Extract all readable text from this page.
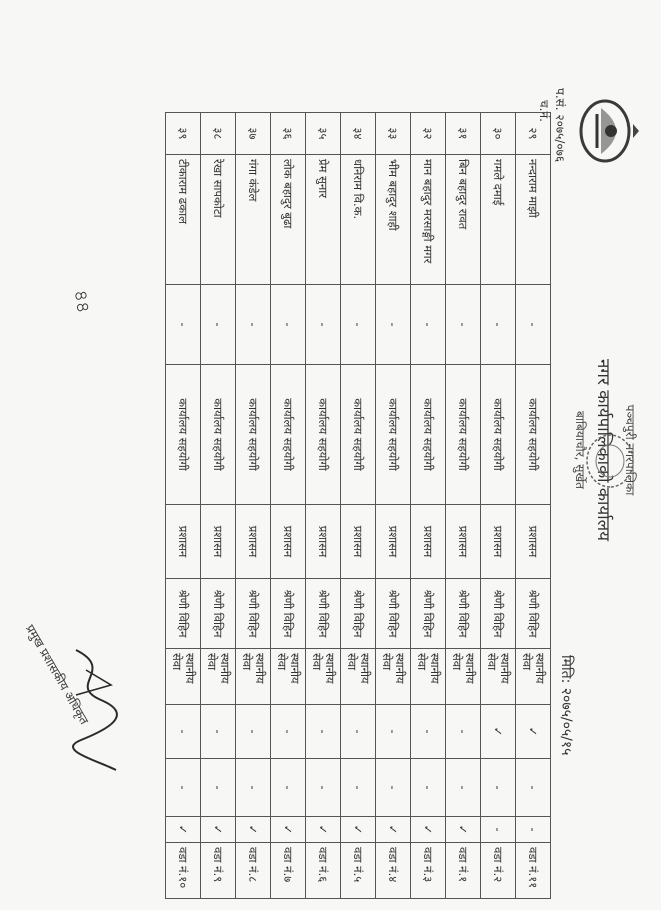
पञ्चपुरी नगरपालिका
नगर कार्यपालिकाको कार्यालय
बाबियाचौर, सुर्खेत
मिति: २०७५/०५/१५
प.सं. २०७५/०७६
च.नं.
२९	नन्दाराम माझी	-	कार्यालय सहयोगी	प्रशासन	श्रेणी विहिन	स्थानीय सेवा	✓	-	-	वडा नं.११
३०	गमले दमाई	-	कार्यालय सहयोगी	प्रशासन	श्रेणी विहिन	स्थानीय सेवा	✓	-	-	वडा नं.२
३१	बिन बहादुर रावत	-	कार्यालय सहयोगी	प्रशासन	श्रेणी विहिन	स्थानीय सेवा	-	-	✓	वडा नं.१
३२	मान बहादुर मरसाङ्गी मगर	-	कार्यालय सहयोगी	प्रशासन	श्रेणी विहिन	स्थानीय सेवा	-	-	✓	वडा नं.३
३३	भीम बहादुर शाही	-	कार्यालय सहयोगी	प्रशासन	श्रेणी विहिन	स्थानीय सेवा	-	-	✓	वडा नं.४
३४	धनिराम वि.क.	-	कार्यालय सहयोगी	प्रशासन	श्रेणी विहिन	स्थानीय सेवा	-	-	✓	वडा नं.५
३५	प्रेम सुनार	-	कार्यालय सहयोगी	प्रशासन	श्रेणी विहिन	स्थानीय सेवा	-	-	✓	वडा नं.६
३६	लोक बहादुर बुढा	-	कार्यालय सहयोगी	प्रशासन	श्रेणी विहिन	स्थानीय सेवा	-	-	✓	वडा नं.७
३७	गंगा कंडेल	-	कार्यालय सहयोगी	प्रशासन	श्रेणी विहिन	स्थानीय सेवा	-	-	✓	वडा नं.८
३८	रेखा सापकोटा	-	कार्यालय सहयोगी	प्रशासन	श्रेणी विहिन	स्थानीय सेवा	-	-	✓	वडा नं.९
३९	टीकाराम ढकाल	-	कार्यालय सहयोगी	प्रशासन	श्रेणी विहिन	स्थानीय सेवा	-	-	✓	वडा नं.१०
৪৪
प्रमुख प्रशासकीय अधिकृत
